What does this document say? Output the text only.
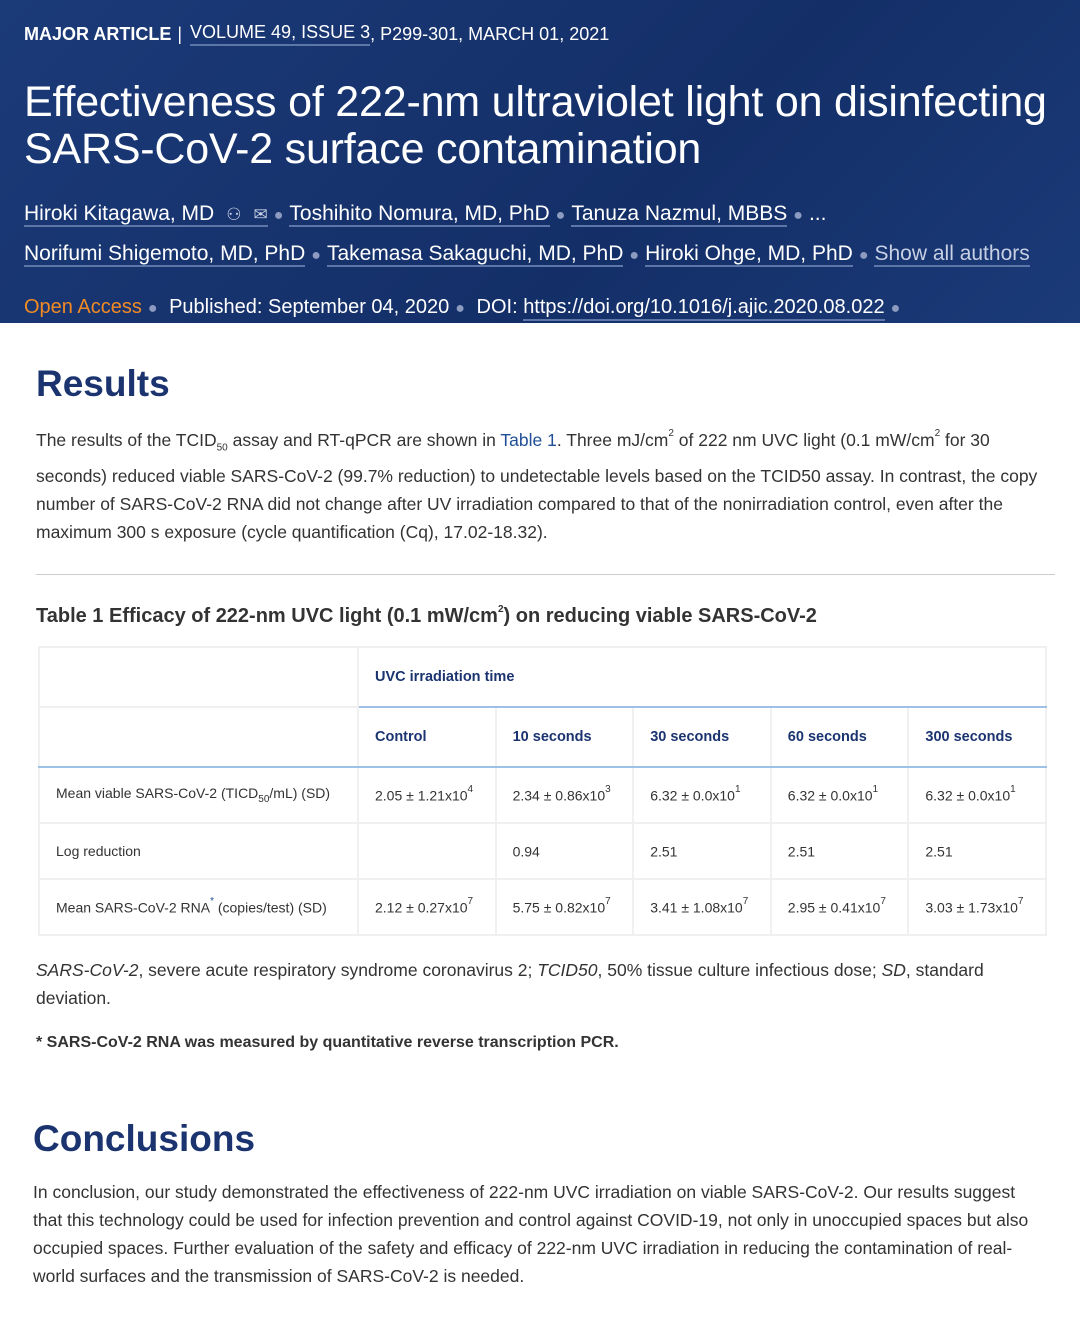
MAJOR ARTICLE | VOLUME 49, ISSUE 3 , P299-301, MARCH 01, 2021
Effectiveness of 222-nm ultraviolet light on disinfecting SARS-CoV-2 surface contamination
Hiroki Kitagawa, MD ⚇ ✉ ● Toshihito Nomura, MD, PhD ● Tanuza Nazmul, MBBS ● ...
Norifumi Shigemoto, MD, PhD ● Takemasa Sakaguchi, MD, PhD ● Hiroki Ohge, MD, PhD ● Show all authors
Open Access ● Published: September 04, 2020 ● DOI: https://doi.org/10.1016/j.ajic.2020.08.022 ●
Results

The results of the $TCID_{50}$ assay and RT-qPCR are shown in Table 1. Three $mJ/cm^2$ of 222 nm UVC light (0.1 $mW/cm^2$ for 30 seconds) reduced viable SARS-CoV-2 (99.7% reduction) to undetectable levels based on the TCID50 assay. In contrast, the copy number of SARS-CoV-2 RNA did not change after UV irradiation compared to that of the nonirradiation control, even after the maximum 300 s exposure (cycle quantification (Cq), 17.02-18.32).

Table 1 Efficacy of 222-nm UVC light (0.1 $mW/cm^2$) on reducing viable SARS-CoV-2
	UVC irradiation time				
	Control	10 seconds	30 seconds	60 seconds	300 seconds
Mean viable SARS-CoV-2 $(TICD_{50}/mL)$ (SD)	$2.05 \pm 1.21x10^4$	$2.34 \pm 0.86x10^3$	$6.32 \pm 0.0x10^1$	$6.32 \pm 0.0x10^1$	$6.32 \pm 0.0x10^1$
Log reduction		0.94	2.51	2.51	2.51
Mean SARS-CoV-2 RNA* (copies/test) (SD)	$2.12 \pm 0.27x10^7$	$5.75 \pm 0.82x10^7$	$3.41 \pm 1.08x10^7$	$2.95 \pm 0.41x10^7$	$3.03 \pm 1.73x10^7$

SARS-CoV-2, severe acute respiratory syndrome coronavirus 2; TCID50, 50% tissue culture infectious dose; SD, standard deviation.

* SARS-CoV-2 RNA was measured by quantitative reverse transcription PCR.

Conclusions

In conclusion, our study demonstrated the effectiveness of 222-nm UVC irradiation on viable SARS-CoV-2. Our results suggest that this technology could be used for infection prevention and control against COVID-19, not only in unoccupied spaces but also occupied spaces. Further evaluation of the safety and efficacy of 222-nm UVC irradiation in reducing the contamination of real-world surfaces and the transmission of SARS-CoV-2 is needed.
